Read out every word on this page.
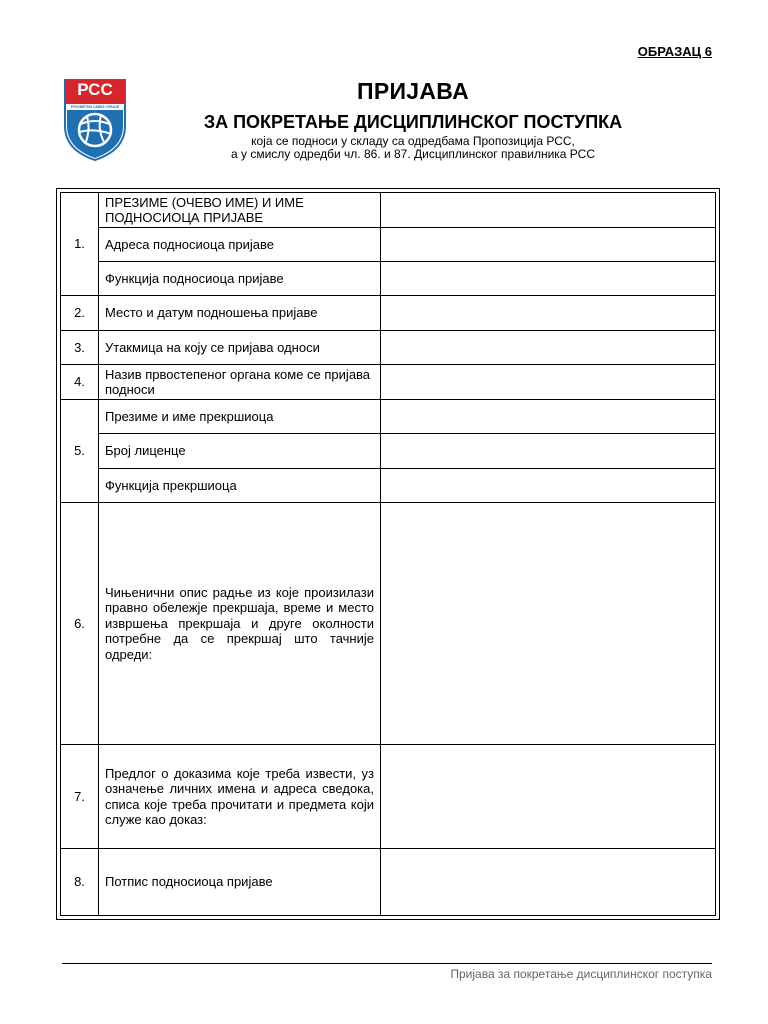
ОБРАЗАЦ 6
РСС
РУКОМЕТНИ САВЕЗ СРБИЈЕ
ПРИЈАВА
ЗА ПОКРЕТАЊЕ ДИСЦИПЛИНСКОГ ПОСТУПКА
која се подноси у складу са одредбама Пропозиција РСС,
а у смислу одредби чл. 86. и 87. Дисциплинског правилника РСС
1.	ПРЕЗИМЕ (ОЧЕВО ИМЕ) И ИМЕ ПОДНОСИОЦА ПРИЈАВЕ	
	Адреса подносиоца пријаве	
	Функција подносиоца пријаве	
2.	Место и датум подношења пријаве	
3.	Утакмица на коју се пријава односи	
4.	Назив првостепеног органа коме се пријава подноси	
5.	Презиме и име прекршиоца	
	Број лиценце	
	Функција прекршиоца	
6.	Чињенични опис радње из које произилази правно обележје прекршаја, време и место извршења прекршаја и друге околности потребне да се прекршај што тачније одреди:	
7.	Предлог о доказима које треба извести, уз означење личних имена и адреса сведока, списа које треба прочитати и предмета који служе као доказ:	
8.	Потпис подносиоца пријаве	
Пријава за покретање дисциплинског поступка
